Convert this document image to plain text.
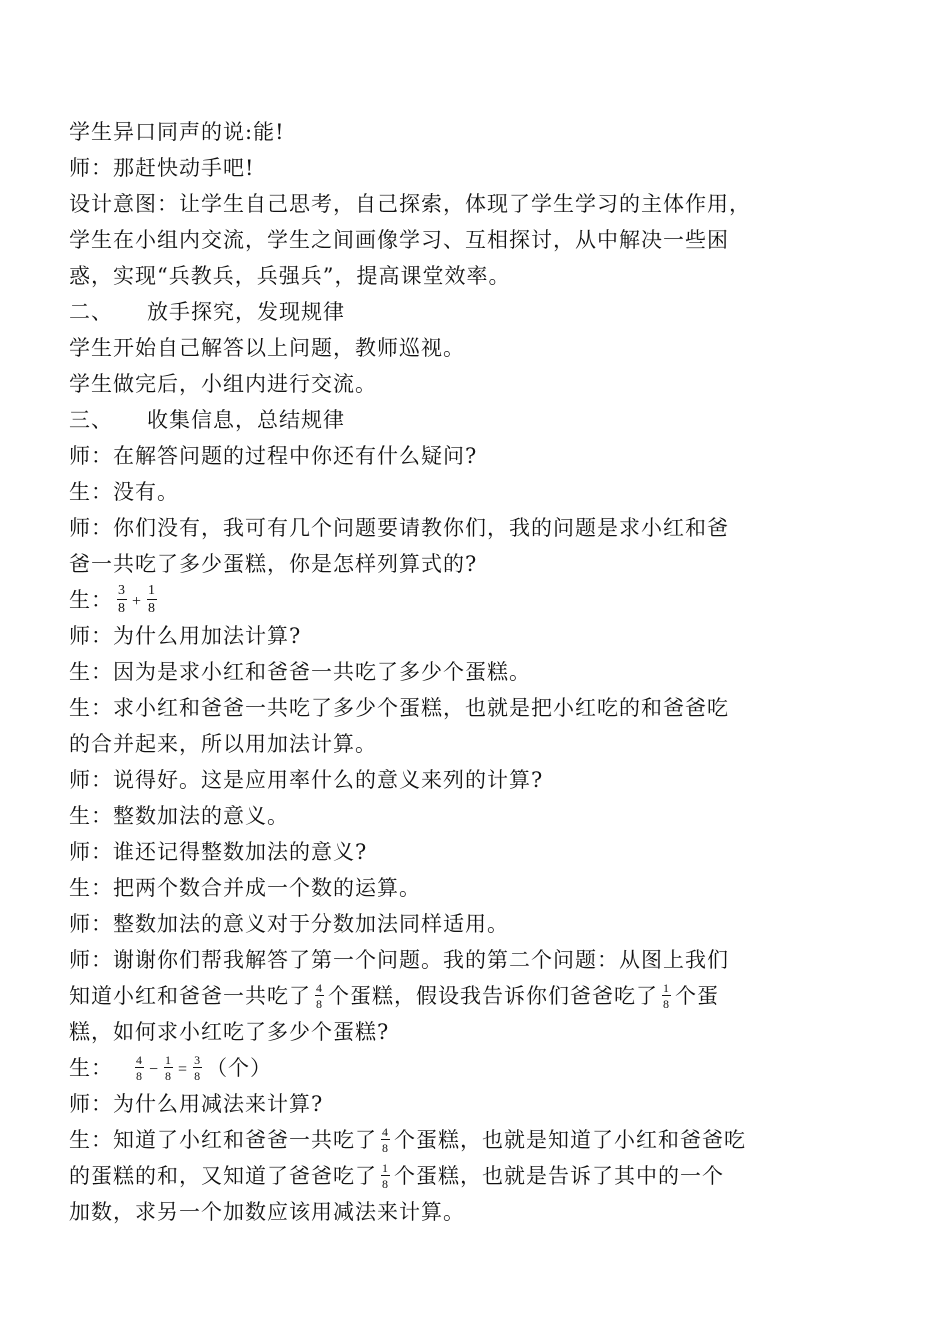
学生异口同声的说:能!
师：那赶快动手吧!
设计意图：让学生自己思考，自己探索，体现了学生学习的主体作用，
学生在小组内交流，学生之间画像学习、互相探讨，从中解决一些困
惑，实现“兵教兵，兵强兵”，提高课堂效率。
二、 放手探究，发现规律
学生开始自己解答以上问题，教师巡视。
学生做完后，小组内进行交流。
三、 收集信息，总结规律
师：在解答问题的过程中你还有什么疑问?
生：没有。
师：你们没有，我可有几个问题要请教你们，我的问题是求小红和爸
爸一共吃了多少蛋糕，你是怎样列算式的?
生： $\frac{3}{8} + \frac{1}{8}$
师：为什么用加法计算?
生：因为是求小红和爸爸一共吃了多少个蛋糕。
生：求小红和爸爸一共吃了多少个蛋糕，也就是把小红吃的和爸爸吃
的合并起来，所以用加法计算。
师：说得好。这是应用率什么的意义来列的计算?
生：整数加法的意义。
师：谁还记得整数加法的意义?
生：把两个数合并成一个数的运算。
师：整数加法的意义对于分数加法同样适用。
师：谢谢你们帮我解答了第一个问题。我的第二个问题：从图上我们
知道小红和爸爸一共吃了 $\frac{4}{8}$ 个蛋糕，假设我告诉你们爸爸吃了 $\frac{1}{8}$ 个蛋
糕，如何求小红吃了多少个蛋糕?
生： $\frac{4}{8} - \frac{1}{8} = \frac{3}{8}$ （个）
师：为什么用减法来计算?
生：知道了小红和爸爸一共吃了 $\frac{4}{8}$ 个蛋糕，也就是知道了小红和爸爸吃
的蛋糕的和，又知道了爸爸吃了 $\frac{1}{8}$ 个蛋糕，也就是告诉了其中的一个
加数，求另一个加数应该用减法来计算。
